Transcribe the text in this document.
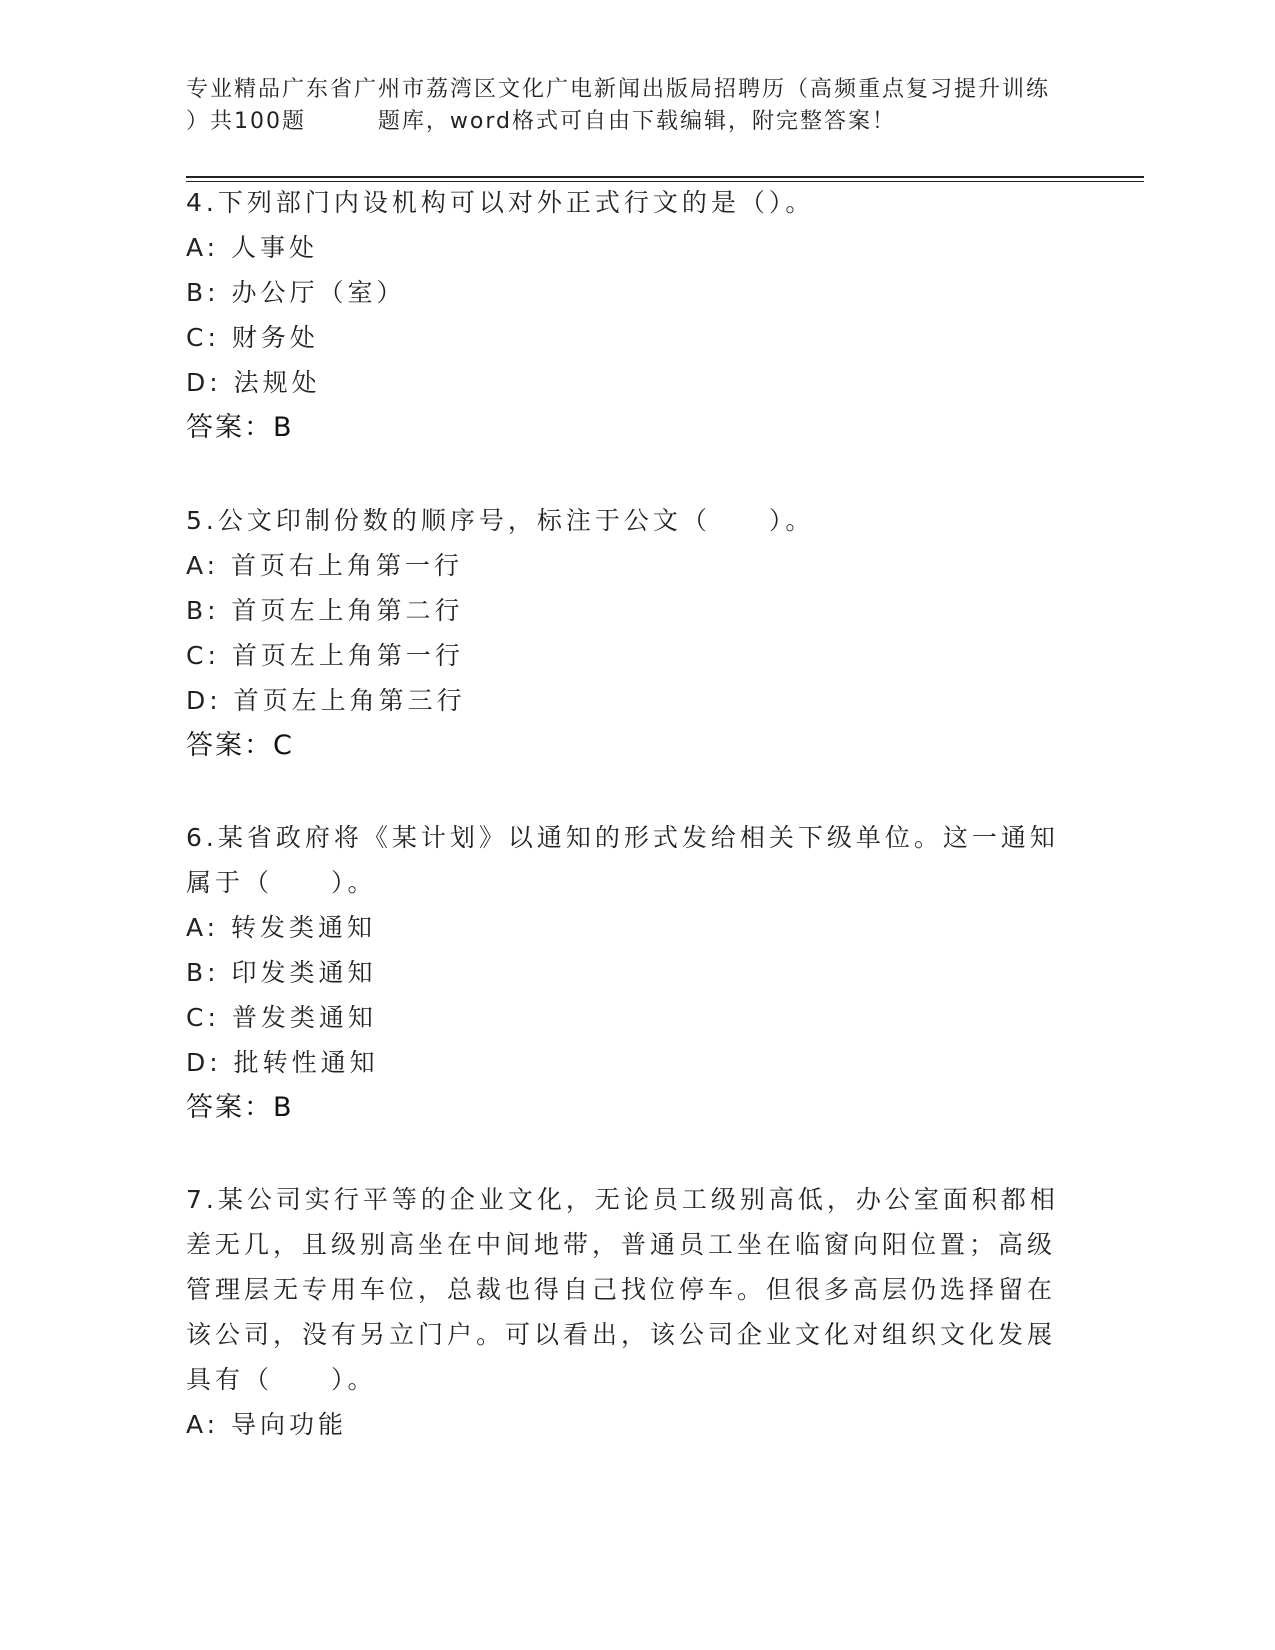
专业精品广东省广州市荔湾区文化广电新闻出版局招聘历（高频重点复习提升训练
）共100题        题库，word格式可自由下载编辑，附完整答案！
4.下列部门内设机构可以对外正式行文的是（）。
A: 人事处
B: 办公厅（室）
C: 财务处
D: 法规处
答案：B
5.公文印制份数的顺序号，标注于公文（　　）。
A: 首页右上角第一行
B: 首页左上角第二行
C: 首页左上角第一行
D: 首页左上角第三行
答案：C
6.某省政府将《某计划》以通知的形式发给相关下级单位。这一通知属于（　　）。
A: 转发类通知
B: 印发类通知
C: 普发类通知
D: 批转性通知
答案：B
7.某公司实行平等的企业文化，无论员工级别高低，办公室面积都相差无几，且级别高坐在中间地带，普通员工坐在临窗向阳位置；高级管理层无专用车位，总裁也得自己找位停车。但很多高层仍选择留在该公司，没有另立门户。可以看出，该公司企业文化对组织文化发展具有（　　）。
A: 导向功能
